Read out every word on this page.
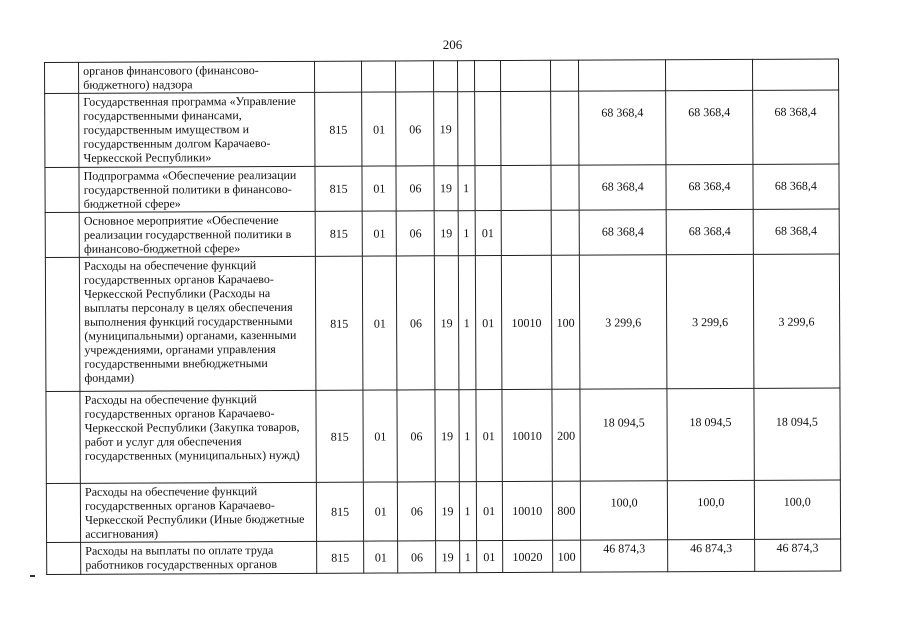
206
	органов финансового (финансово-бюджетного) надзора											
	Государственная программа «Управление государственными финансами, государственным имуществом и государственным долгом Карачаево-Черкесской Республики»	815	01	06	19					68 368,4	68 368,4	68 368,4
	Подпрограмма «Обеспечение реализации государственной политики в финансово-бюджетной сфере»	815	01	06	19	1				68 368,4	68 368,4	68 368,4
	Основное мероприятие «Обеспечение реализации государственной политики в финансово-бюджетной сфере»	815	01	06	19	1	01			68 368,4	68 368,4	68 368,4
	Расходы на обеспечение функций государственных органов Карачаево-Черкесской Республики (Расходы на выплаты персоналу в целях обеспечения выполнения функций государственными (муниципальными) органами, казенными учреждениями, органами управления государственными внебюджетными фондами)	815	01	06	19	1	01	10010	100	3 299,6	3 299,6	3 299,6
	Расходы на обеспечение функций государственных органов Карачаево-Черкесской Республики (Закупка товаров, работ и услуг для обеспечения государственных (муниципальных) нужд)	815	01	06	19	1	01	10010	200	18 094,5	18 094,5	18 094,5
	Расходы на обеспечение функций государственных органов Карачаево-Черкесской Республики (Иные бюджетные ассигнования)	815	01	06	19	1	01	10010	800	100,0	100,0	100,0
	Расходы на выплаты по оплате труда работников государственных органов	815	01	06	19	1	01	10020	100	46 874,3	46 874,3	46 874,3
